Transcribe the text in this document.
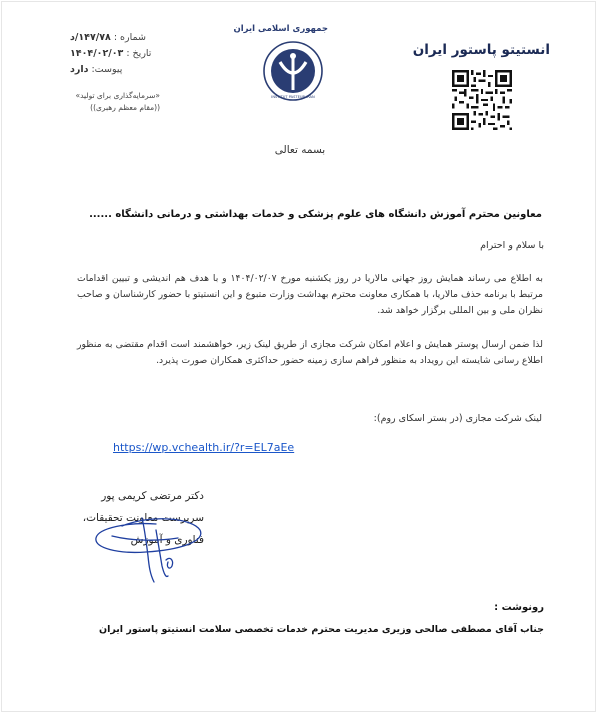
شماره :
۱۴۷/۷۸/د
تاریخ :
۱۴۰۴/۰۲/۰۳
پیوست:
دارد
«سرمایه‌گذاری برای تولید»
((مقام معظم رهبری))
جمهوری اسلامی ایران
INSTITUT PASTEUR IRAN
انستیتو پاستور ایران
بسمه تعالی
معاونین محترم آموزش دانشگاه های علوم پزشکی و خدمات بهداشتی و درمانی دانشگاه ......
با سلام و احترام
به اطلاع می رساند همایش روز جهانی مالاریا در روز یکشنبه مورخ ۱۴۰۴/۰۲/۰۷ و با هدف هم اندیشی و تبیین اقدامات مرتبط با برنامه حذف مالاریا، با همکاری معاونت محترم بهداشت وزارت متبوع و این انستیتو با حضور کارشناسان و صاحب نظران ملی و بین المللی برگزار خواهد شد.
لذا ضمن ارسال پوستر همایش و اعلام امکان شرکت مجازی از طریق لینک زیر، خواهشمند است اقدام مقتضی به منظور اطلاع رسانی شایسته این رویداد به منظور فراهم سازی زمینه حضور حداکثری همکاران صورت پذیرد.
لینک شرکت مجازی (در بستر اسکای روم):
https://wp.vchealth.ir/?r=EL7aEe
دکتر مرتضی کریمی پور
سرپرست معاونت تحقیقات،
فناوری و آموزش
رونوشت :
جناب آقای مصطفی صالحی وزیری مدیریت محترم خدمات تخصصی سلامت انستیتو پاستور ایران
